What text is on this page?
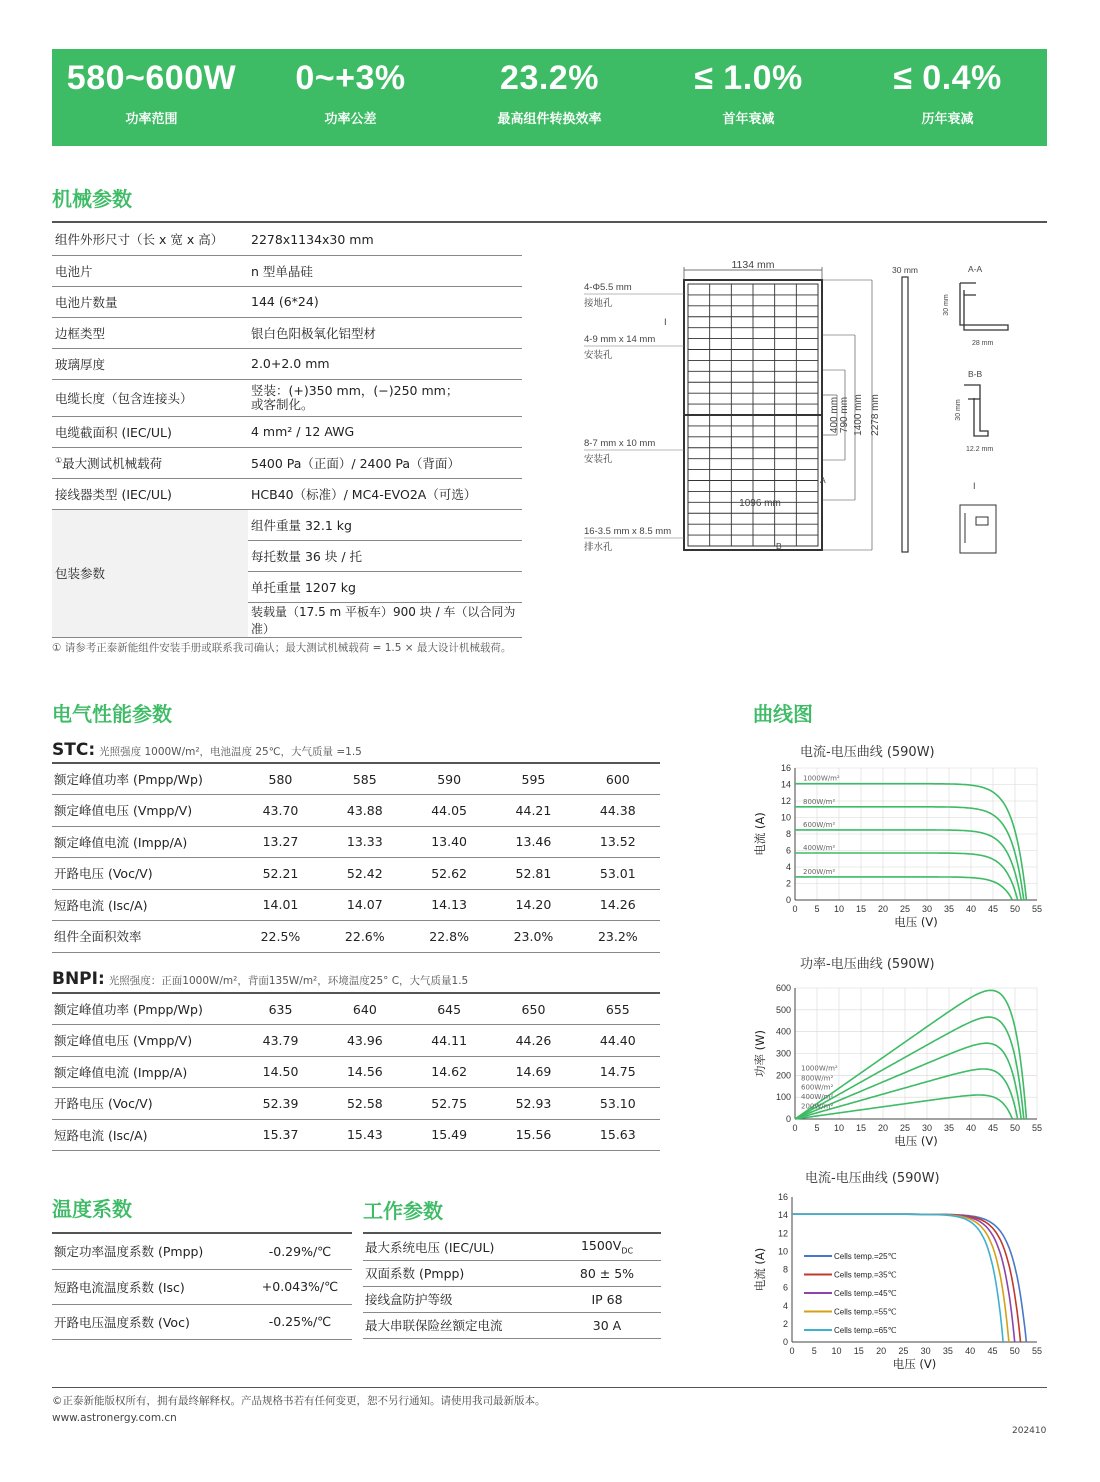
580~600W
功率范围
0~+3%
功率公差
23.2%
最高组件转换效率
≤ 1.0%
首年衰减
≤ 0.4%
历年衰减
机械参数
组件外形尺寸（长 x 宽 x 高）	2278x1134x30 mm
电池片	n 型单晶硅
电池片数量	144 (6*24)
边框类型	银白色阳极氧化铝型材
玻璃厚度	2.0+2.0 mm
电缆长度（包含连接头）	竖装：(+)350 mm，(−)250 mm；
或客制化。

电缆截面积 (IEC/UL)	4 mm² / 12 AWG
①最大测试机械载荷	5400 Pa（正面）/ 2400 Pa（背面）
接线器类型 (IEC/UL)	HCB40（标准）/ MC4-EVO2A（可选）
包装参数	组件重量 32.1 kg
	每托数量 36 块 / 托
	单托重量 1207 kg
	装载量（17.5 m 平板车）900 块 / 车（以合同为准）
① 请参考正泰新能组件安装手册或联系我司确认；最大测试机械载荷 = 1.5 × 最大设计机械载荷。
1134 mm
4-Φ5.5 mm
接地孔
4-9 mm x 14 mm
安装孔
8-7 mm x 10 mm
安装孔
16-3.5 mm x 8.5 mm
排水孔
I
A
B
1096 mm
400 mm 790 mm 1400 mm 2278 mm
30 mm	A-A
30 mm
28 mm
B-B
30 mm
12.2 mm
I
电气性能参数
STC: 光照强度 1000W/m²，电池温度 25℃，大气质量 =1.5
额定峰值功率 (Pmpp/Wp)	580	585	590	595	600
额定峰值电压 (Vmpp/V)	43.70	43.88	44.05	44.21	44.38
额定峰值电流 (Impp/A)	13.27	13.33	13.40	13.46	13.52
开路电压 (Voc/V)	52.21	52.42	52.62	52.81	53.01
短路电流 (Isc/A)	14.01	14.07	14.13	14.20	14.26
组件全面积效率	22.5%	22.6%	22.8%	23.0%	23.2%
BNPI: 光照强度：正面1000W/m²，背面135W/m²，环境温度25° C，大气质量1.5
额定峰值功率 (Pmpp/Wp)	635	640	645	650	655
额定峰值电压 (Vmpp/V)	43.79	43.96	44.11	44.26	44.40
额定峰值电流 (Impp/A)	14.50	14.56	14.62	14.69	14.75
开路电压 (Voc/V)	52.39	52.58	52.75	52.93	53.10
短路电流 (Isc/A)	15.37	15.43	15.49	15.56	15.63
温度系数
额定功率温度系数 (Pmpp)	-0.29%/℃
短路电流温度系数 (Isc)	+0.043%/℃
开路电压温度系数 (Voc)	-0.25%/℃
工作参数
最大系统电压 (IEC/UL)	$1500V_{DC}$
双面系数 (Pmpp)	80 ± 5%
接线盒防护等级	IP 68
最大串联保险丝额定电流	30 A
曲线图
电流-电压曲线 (590W)
0 5 10 15 20 25 30 35 40 45 50 55
0
2
4
6
8
10
12
14
16
电压 (V)
电流 (A)
1000W/m²
800W/m²
600W/m²
400W/m²
200W/m²
功率-电压曲线 (590W)
0 5 10 15 20 25 30 35 40 45 50 55
0
100
200
300
400
500
600
电压 (V)
功率 (W)	1000W/m²
800W/m²
600W/m²
400W/m²
200W/m²
电流-电压曲线 (590W)
0 5 10 15 20 25 30 35 40 45 50 55
0
2
4
6
8
10
12
14
16
电压 (V)
电流 (A)	Cells temp.=25℃
Cells temp.=35℃
Cells temp.=45℃
Cells temp.=55℃
Cells temp.=65℃
©正泰新能版权所有，拥有最终解释权。产品规格书若有任何变更，恕不另行通知。请使用我司最新版本。
www.astronergy.com.cn
202410
